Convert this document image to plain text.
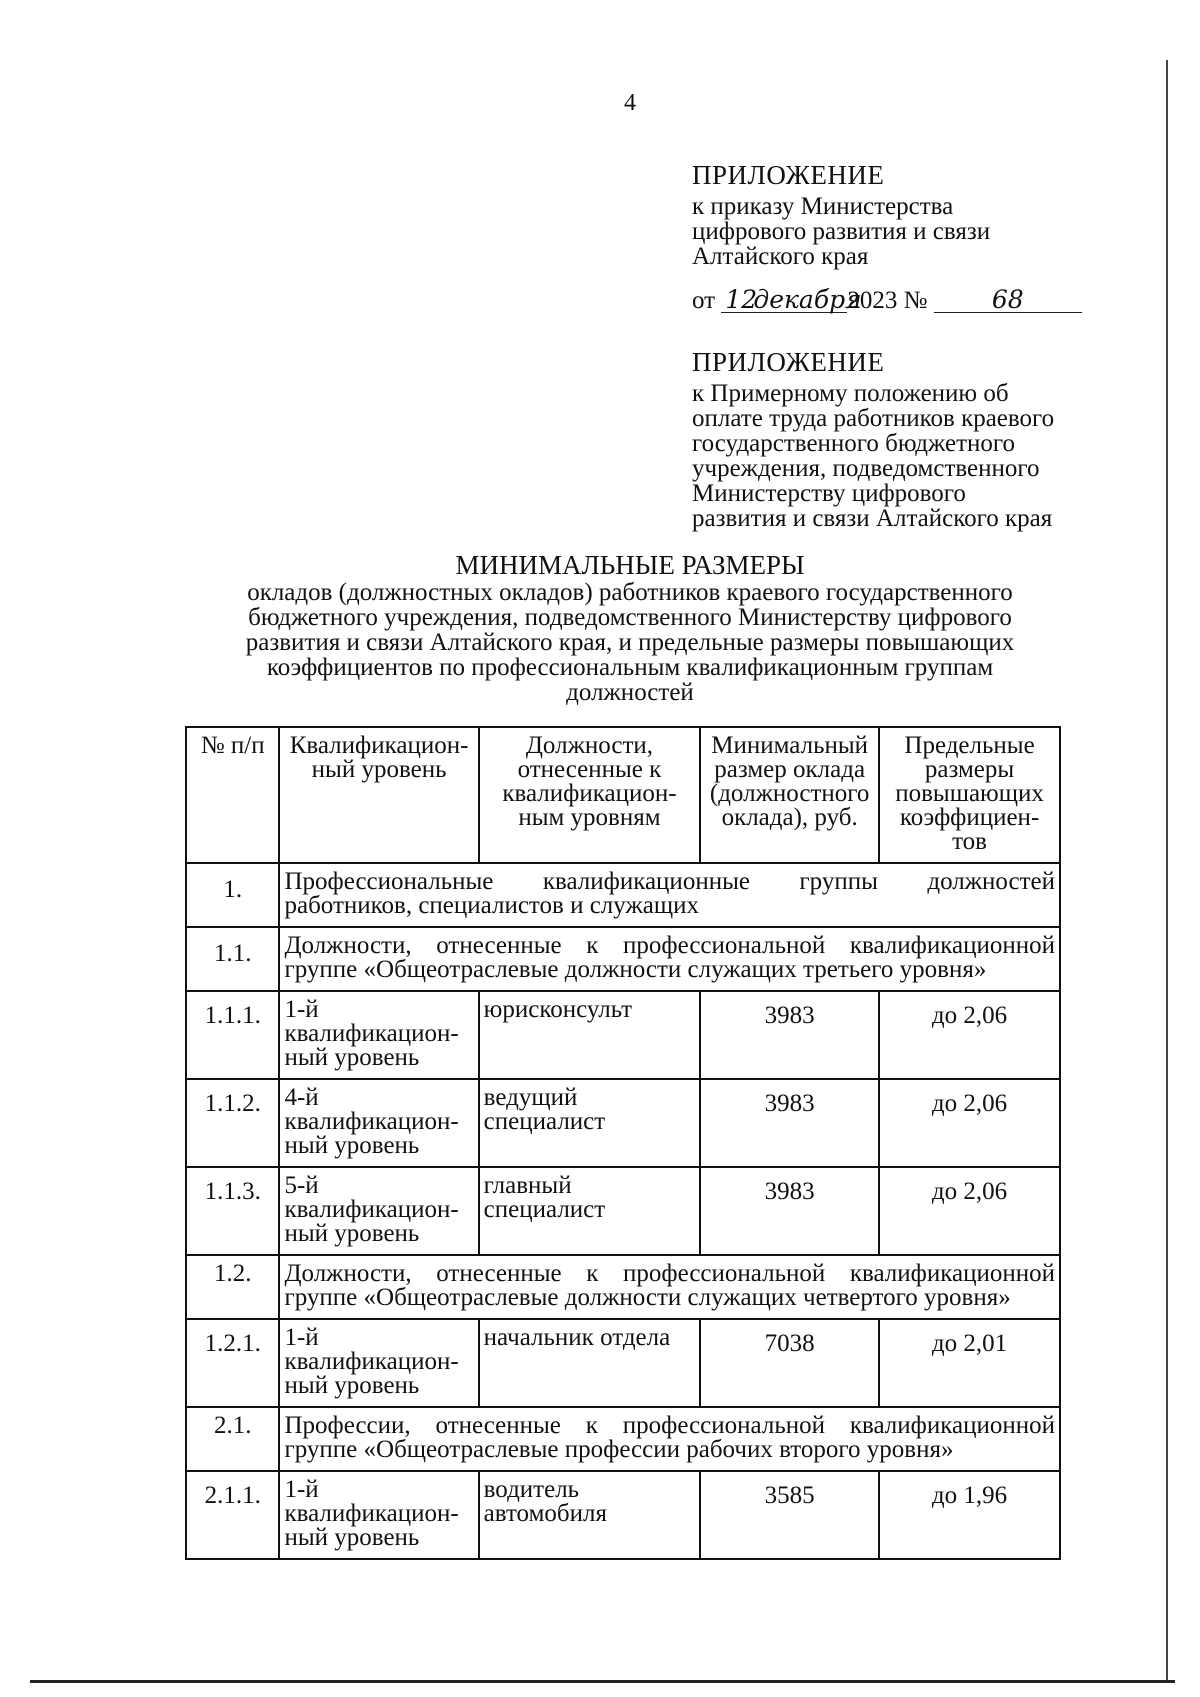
4
ПРИЛОЖЕНИЕ
к приказу Министерства
цифрового развития и связи
Алтайского края
от
12
декабря
2023 №
	68
ПРИЛОЖЕНИЕ
к Примерному положению об
оплате труда работников краевого
государственного бюджетного
учреждения, подведомственного
Министерству цифрового
развития и связи Алтайского края
МИНИМАЛЬНЫЕ РАЗМЕРЫ
окладов (должностных окладов) работников краевого государственного
бюджетного учреждения, подведомственного Министерству цифрового
развития и связи Алтайского края, и предельные размеры повышающих
коэффициентов по профессиональным квалификационным группам
должностей
№ п/п	Квалификацион-ный уровень	Должности, отнесенные к квалификацион-ным уровням	Минимальный размер оклада (должностного оклада), руб.	Предельные размеры повышающих коэффициен-тов
1.	Профессиональные квалификационные группы должностей работников, специалистов и служащих			
1.1.	Должности, отнесенные к профессиональной квалификационной группе «Общеотраслевые должности служащих третьего уровня»			
1.1.1.	1-й квалификацион-ный уровень	юрисконсульт	3983	до 2,06
1.1.2.	4-й квалификацион-ный уровень	ведущий специалист	3983	до 2,06
1.1.3.	5-й квалификацион-ный уровень	главный специалист	3983	до 2,06
1.2.	Должности, отнесенные к профессиональной квалификационной группе «Общеотраслевые должности служащих четвертого уровня»			
1.2.1.	1-й квалификацион-ный уровень	начальник отдела	7038	до 2,01
2.1.	Профессии, отнесенные к профессиональной квалификационной группе «Общеотраслевые профессии рабочих второго уровня»			
2.1.1.	1-й квалификацион-ный уровень	водитель автомобиля	3585	до 1,96
